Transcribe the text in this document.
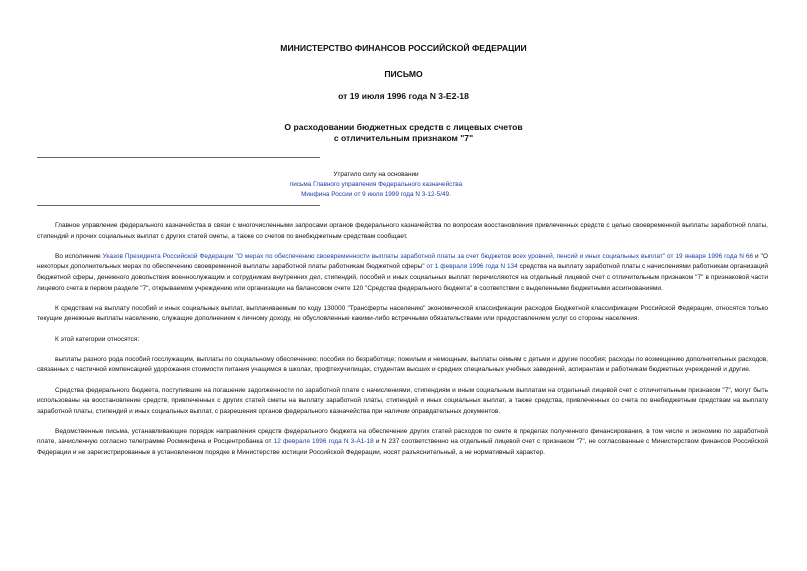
МИНИСТЕРСТВО ФИНАНСОВ РОССИЙСКОЙ ФЕДЕРАЦИИ
ПИСЬМО
от 19 июля 1996 года N 3-Е2-18
О расходовании бюджетных средств с лицевых счетов
с отличительным признаком "7"
Утратило силу на основании
письма Главного управления Федерального казначейства
Минфина России от 9 июля 1999 года N 3-12-5/49.

Главное управление федерального казначейства в связи с многочисленными запросами органов федерального казначейства по вопросам восстановления привлеченных средств с целью своевременной выплаты заработной платы, стипендий и прочих социальных выплат с других статей сметы, а также со счетов по внебюджетным средствам сообщает.

Во исполнение Указов Президента Российской Федерации "О мерах по обеспечению своевременности выплаты заработной платы за счет бюджетов всех уровней, пенсий и иных социальных выплат" от 19 января 1996 года N 66 и "О некоторых дополнительных мерах по обеспечению своевременной выплаты заработной платы работникам бюджетной сферы" от 1 февраля 1996 года N 134 средства на выплату заработной платы с начислениями работникам организаций бюджетной сферы, денежного довольствия военнослужащим и сотрудникам внутренних дел, стипендий, пособий и иных социальных выплат перечисляются на отдельный лицевой счет с отличительным признаком "7" в признаковой части лицевого счета в первом разделе "7", открываемом учреждению или организации на балансовом счете 120 "Средства федерального бюджета" в соответствии с выделенными бюджетными ассигнованиями.

К средствам на выплату пособий и иных социальных выплат, выплачиваемым по коду 130000 "Трансферты населению" экономической классификации расходов Бюджетной классификации Российской Федерации, относятся только текущие денежные выплаты населению, служащие дополнением к личному доходу, не обусловленные какими-либо встречными обязательствами или предоставлением услуг со стороны населения.

К этой категории относятся:

выплаты разного рода пособий госслужащим, выплаты по социальному обеспечению; пособия по безработице; пожилым и немощным, выплаты семьям с детьми и другие пособия; расходы по возмещению дополнительных расходов, связанных с частичной компенсацией удорожания стоимости питания учащимся в школах, профтехучилищах, студентам высших и средних специальных учебных заведений, аспирантам и работникам бюджетных учреждений и другие.

Средства федерального бюджета, поступившие на погашение задолженности по заработной плате с начислениями, стипендиям и иным социальным выплатам на отдельный лицевой счет с отличительным признаком "7", могут быть использованы на восстановление средств, привлеченных с других статей сметы на выплату заработной платы, стипендий и иных социальных выплат, а также средства, привлеченных со счета по внебюджетным средствам на выплату заработной платы, стипендий и иных социальных выплат, с разрешения органов федерального казначейства при наличии оправдательных документов.

Ведомственные письма, устанавливающие порядок направления средств федерального бюджета на обеспечение других статей расходов по смете в пределах полученного финансирования, в том числе и экономию по заработной плате, зачисленную согласно телеграмме Росминфина и Росцентробанка от 12 февраля 1996 года N 3-А1-18 и N 237 соответственно на отдельный лицевой счет с признаком "7", не согласованные с Министерством финансов Российской Федерации и не зарегистрированные в установленном порядке в Министерстве юстиции Российской Федерации, носят разъяснительный, а не нормативный характер.
